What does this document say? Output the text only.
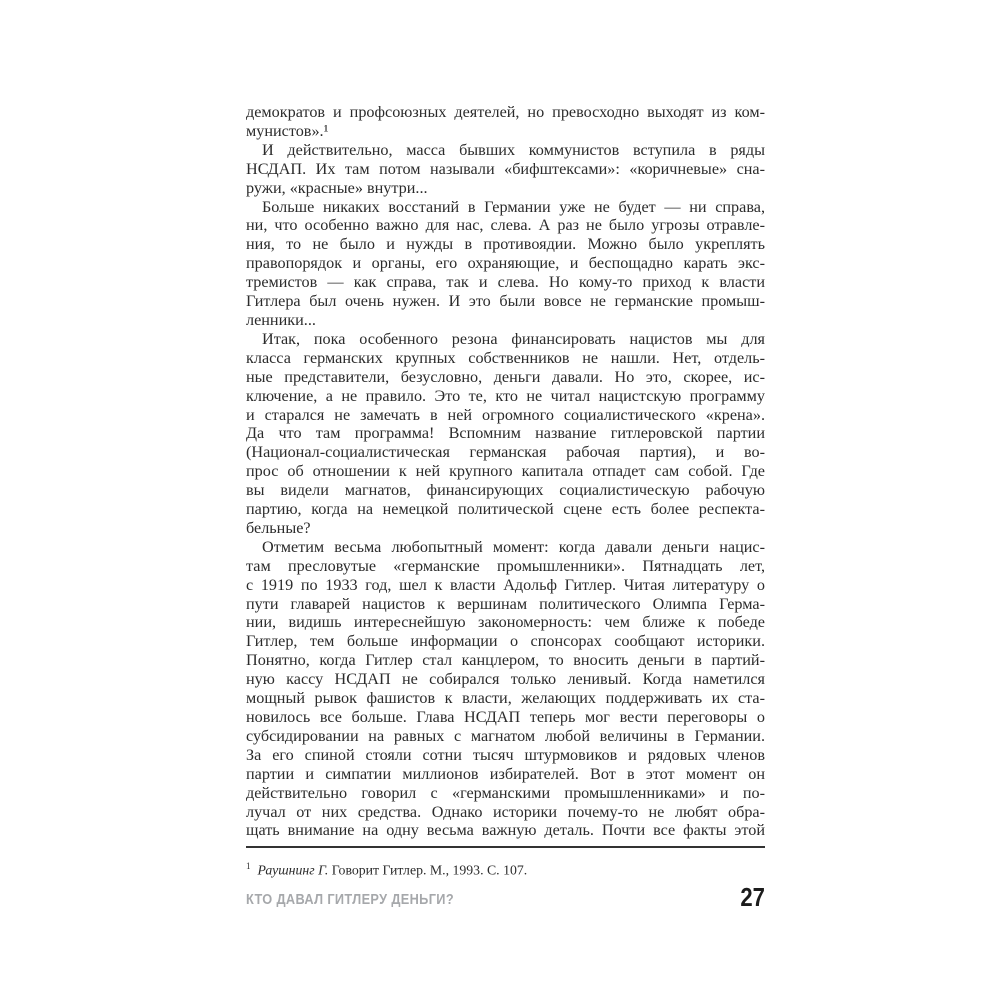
демократов и профсоюзных деятелей, но превосходно выходят из ком-
мунистов».¹
И действительно, масса бывших коммунистов вступила в ряды
НСДАП. Их там потом называли «бифштексами»: «коричневые» сна-
ружи, «красные» внутри...
Больше никаких восстаний в Германии уже не будет — ни справа,
ни, что особенно важно для нас, слева. А раз не было угрозы отравле-
ния, то не было и нужды в противоядии. Можно было укреплять
правопорядок и органы, его охраняющие, и беспощадно карать экс-
тремистов — как справа, так и слева. Но кому-то приход к власти
Гитлера был очень нужен. И это были вовсе не германские промыш-
ленники...
Итак, пока особенного резона финансировать нацистов мы для
класса германских крупных собственников не нашли. Нет, отдель-
ные представители, безусловно, деньги давали. Но это, скорее, ис-
ключение, а не правило. Это те, кто не читал нацистскую программу
и старался не замечать в ней огромного социалистического «крена».
Да что там программа! Вспомним название гитлеровской партии
(Национал-социалистическая германская рабочая партия), и во-
прос об отношении к ней крупного капитала отпадет сам собой. Где
вы видели магнатов, финансирующих социалистическую рабочую
партию, когда на немецкой политической сцене есть более респекта-
бельные?
Отметим весьма любопытный момент: когда давали деньги нацис-
там пресловутые «германские промышленники». Пятнадцать лет,
с 1919 по 1933 год, шел к власти Адольф Гитлер. Читая литературу о
пути главарей нацистов к вершинам политического Олимпа Герма-
нии, видишь интереснейшую закономерность: чем ближе к победе
Гитлер, тем больше информации о спонсорах сообщают историки.
Понятно, когда Гитлер стал канцлером, то вносить деньги в партий-
ную кассу НСДАП не собирался только ленивый. Когда наметился
мощный рывок фашистов к власти, желающих поддерживать их ста-
новилось все больше. Глава НСДАП теперь мог вести переговоры о
субсидировании на равных с магнатом любой величины в Германии.
За его спиной стояли сотни тысяч штурмовиков и рядовых членов
партии и симпатии миллионов избирателей. Вот в этот момент он
действительно говорил с «германскими промышленниками» и по-
лучал от них средства. Однако историки почему-то не любят обра-
щать внимание на одну весьма важную деталь. Почти все факты этой
$^1$ Раушнинг Г. Говорит Гитлер. М., 1993. С. 107.
КТО ДАВАЛ ГИТЛЕРУ ДЕНЬГИ?	27
